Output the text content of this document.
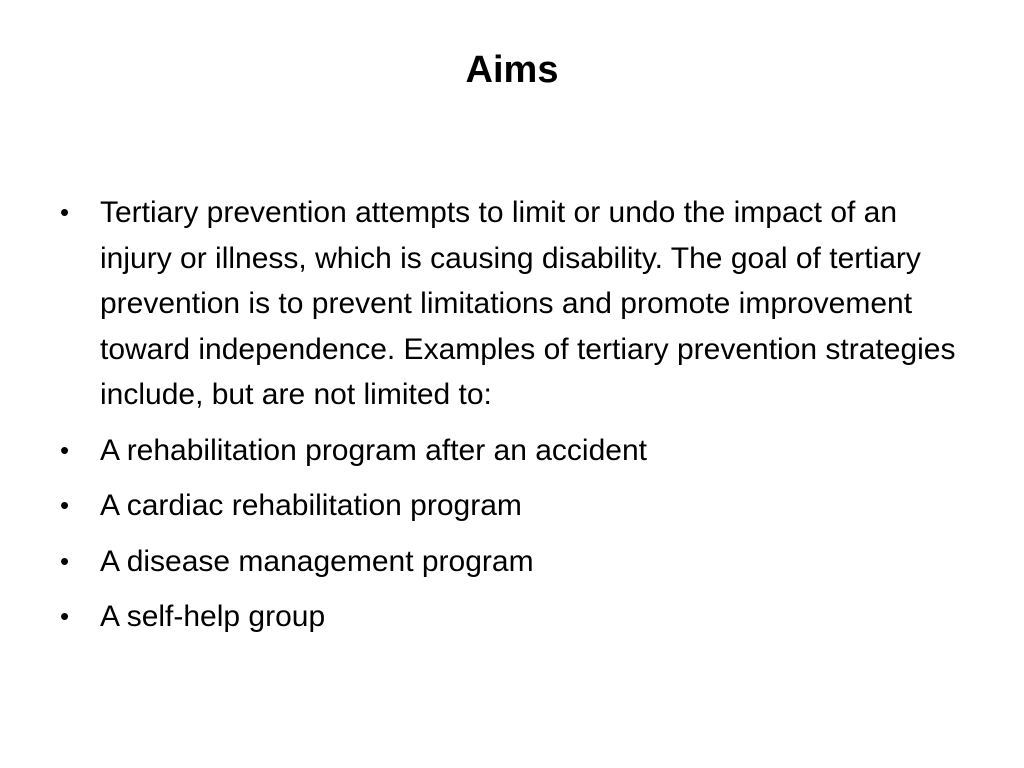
Aims
• Tertiary prevention attempts to limit or undo the impact of an injury or illness, which is causing disability. The goal of tertiary prevention is to prevent limitations and promote improvement toward independence. Examples of tertiary prevention strategies include, but are not limited to:
• A rehabilitation program after an accident
• A cardiac rehabilitation program
• A disease management program
• A self-help group
